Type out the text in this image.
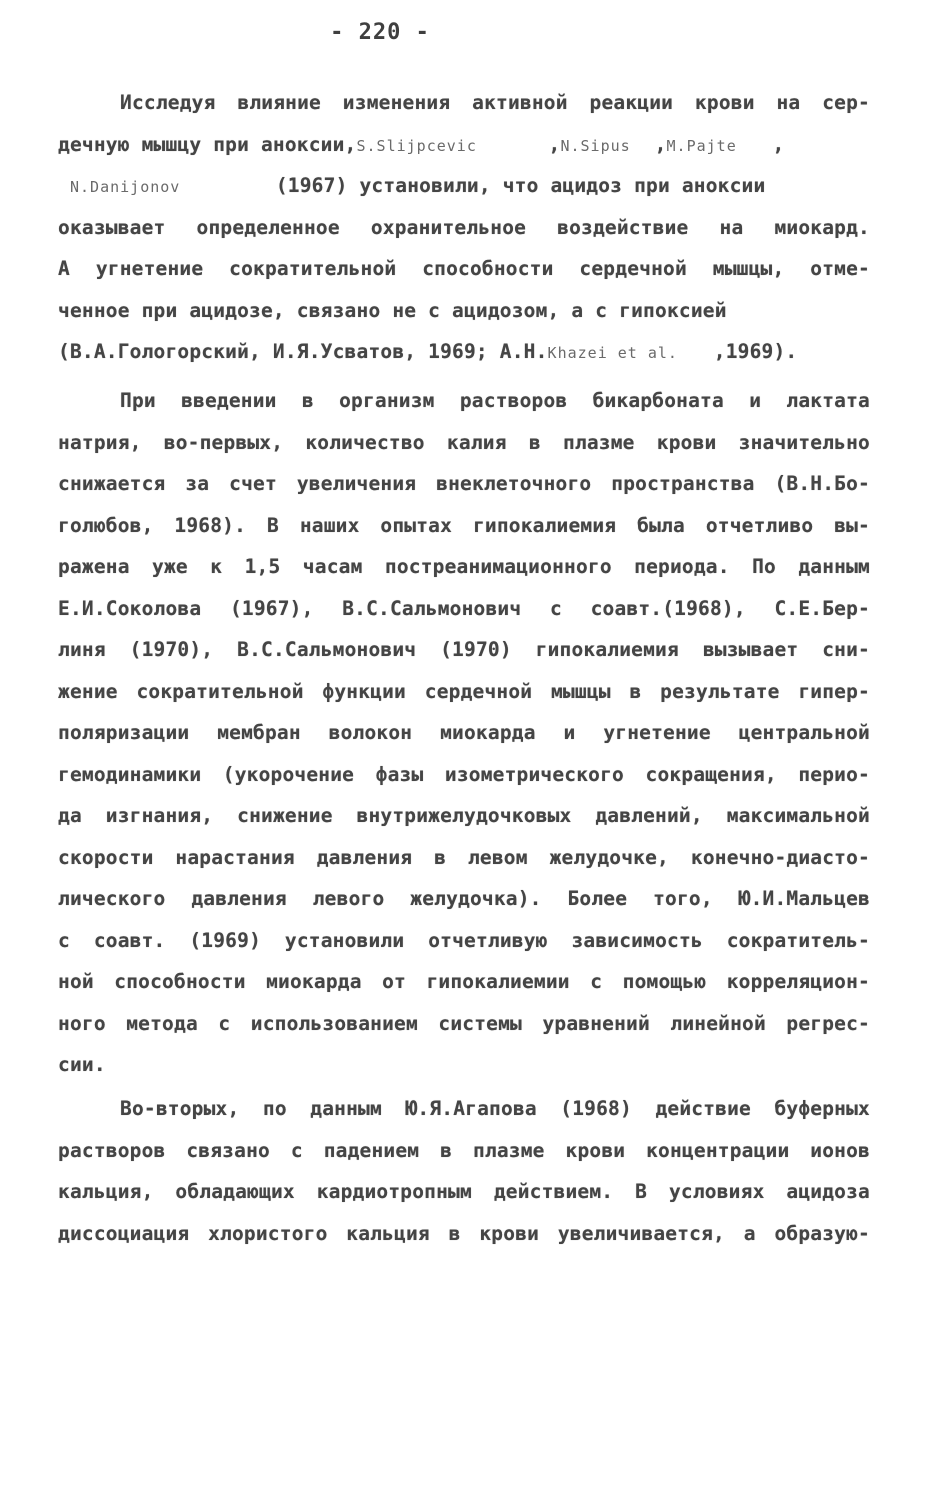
- 220 -
Исследуя влияние изменения активной реакции крови на сер-
дечную мышцу при аноксии,S.Slijpcevic      ,N.Sipus  ,M.Pajte   ,
N.Danijonov        (1967) установили, что ацидоз при аноксии
оказывает определенное охранительное воздействие на миокард.
А угнетение сократительной способности сердечной мышцы, отме-
ченное при ацидозе, связано не с ацидозом, а с гипоксией
(В.А.Гологорский, И.Я.Усватов, 1969; А.Н.Khazei et al.   ,1969).
При введении в организм растворов бикарбоната и лактата
натрия, во-первых, количество калия в плазме крови значительно
снижается за счет увеличения внеклеточного пространства (В.Н.Бо-
голюбов, 1968). В наших опытах гипокалиемия была отчетливо вы-
ражена уже к 1,5 часам постреанимационного периода. По данным
Е.И.Соколова (1967), В.С.Сальмонович с соавт.(1968), С.Е.Бер-
линя (1970), В.С.Сальмонович (1970) гипокалиемия вызывает сни-
жение сократительной функции сердечной мышцы в результате гипер-
поляризации мембран волокон миокарда и угнетение центральной
гемодинамики (укорочение фазы изометрического сокращения, перио-
да изгнания, снижение внутрижелудочковых давлений, максимальной
скорости нарастания давления в левом желудочке, конечно-диасто-
лического давления левого желудочка). Более того, Ю.И.Мальцев
с соавт. (1969) установили отчетливую зависимость сократитель-
ной способности миокарда от гипокалиемии с помощью корреляцион-
ного метода с использованием системы уравнений линейной регрес-
сии.
Во-вторых, по данным Ю.Я.Агапова (1968) действие буферных
растворов связано с падением в плазме крови концентрации ионов
кальция, обладающих кардиотропным действием. В условиях ацидоза
диссоциация хлористого кальция в крови увеличивается, а образую-
